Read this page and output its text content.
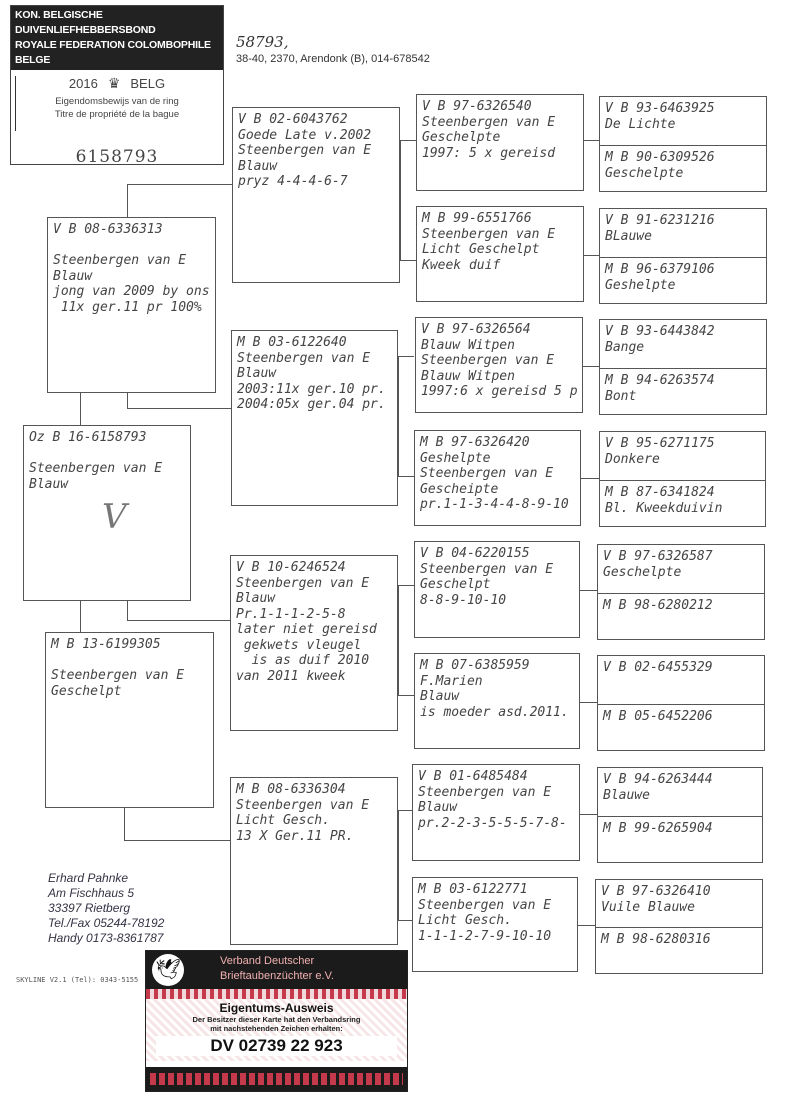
KON. BELGISCHE DUIVENLIEFHEBBERSBOND
ROYALE FEDERATION COLOMBOPHILE BELGE
2016 ♛ BELG
Eigendomsbewijs van de ring
Titre de propriété de la bague
6158793
58793,
38-40, 2370, Arendonk (B), 014-678542
Oz B 16-6158793

Steenbergen van E
Blauw
V
V B 08-6336313

Steenbergen van E
Blauw
jong van 2009 by ons
11x ger.11 pr 100%
M B 13-6199305

Steenbergen van E
Geschelpt
V B 02-6043762
Goede Late v.2002
Steenbergen van E
Blauw
pryz 4-4-4-6-7
M B 03-6122640
Steenbergen van E
Blauw
2003:11x ger.10 pr.
2004:05x ger.04 pr.
V B 10-6246524
Steenbergen van E
Blauw
Pr.1-1-1-2-5-8
later niet gereisd
gekwets vleugel
is as duif 2010
van 2011 kweek
M B 08-6336304
Steenbergen van E
Licht Gesch.
13 X Ger.11 PR.
V B 97-6326540
Steenbergen van E
Geschelpte
1997: 5 x gereisd
M B 99-6551766
Steenbergen van E
Licht Geschelpt
Kweek duif
V B 97-6326564
Blauw Witpen
Steenbergen van E
Blauw Witpen
1997:6 x gereisd 5 p
M B 97-6326420
Geshelpte
Steenbergen van E
Gescheipte
pr.1-1-3-4-4-8-9-10
V B 04-6220155
Steenbergen van E
Geschelpt
8-8-9-10-10
M B 07-6385959
F.Marien
Blauw
is moeder asd.2011.
V B 01-6485484
Steenbergen van E
Blauw
pr.2-2-3-5-5-5-7-8-
M B 03-6122771
Steenbergen van E
Licht Gesch.
1-1-1-2-7-9-10-10
V B 93-6463925
De Lichte
M B 90-6309526
Geschelpte
V B 91-6231216
BLauwe
M B 96-6379106
Geshelpte
V B 93-6443842
Bange
M B 94-6263574
Bont
V B 95-6271175
Donkere
M B 87-6341824
Bl. Kweekduivin
V B 97-6326587
Geschelpte
M B 98-6280212
V B 02-6455329
M B 05-6452206
V B 94-6263444
Blauwe
M B 99-6265904
V B 97-6326410
Vuile Blauwe
M B 98-6280316
Erhard Pahnke
Am Fischhaus 5
33397 Rietberg
Tel./Fax 05244-78192
Handy 0173-8361787
SKYLINE V2.1 (Tel): 0343-5155 🕊	Verband Deutscher
Brieftaubenzüchter e.V.
Eigentums-Ausweis
Der Besitzer dieser Karte hat den Verbandsring
mit nachstehenden Zeichen erhalten:
DV 02739 22 923
